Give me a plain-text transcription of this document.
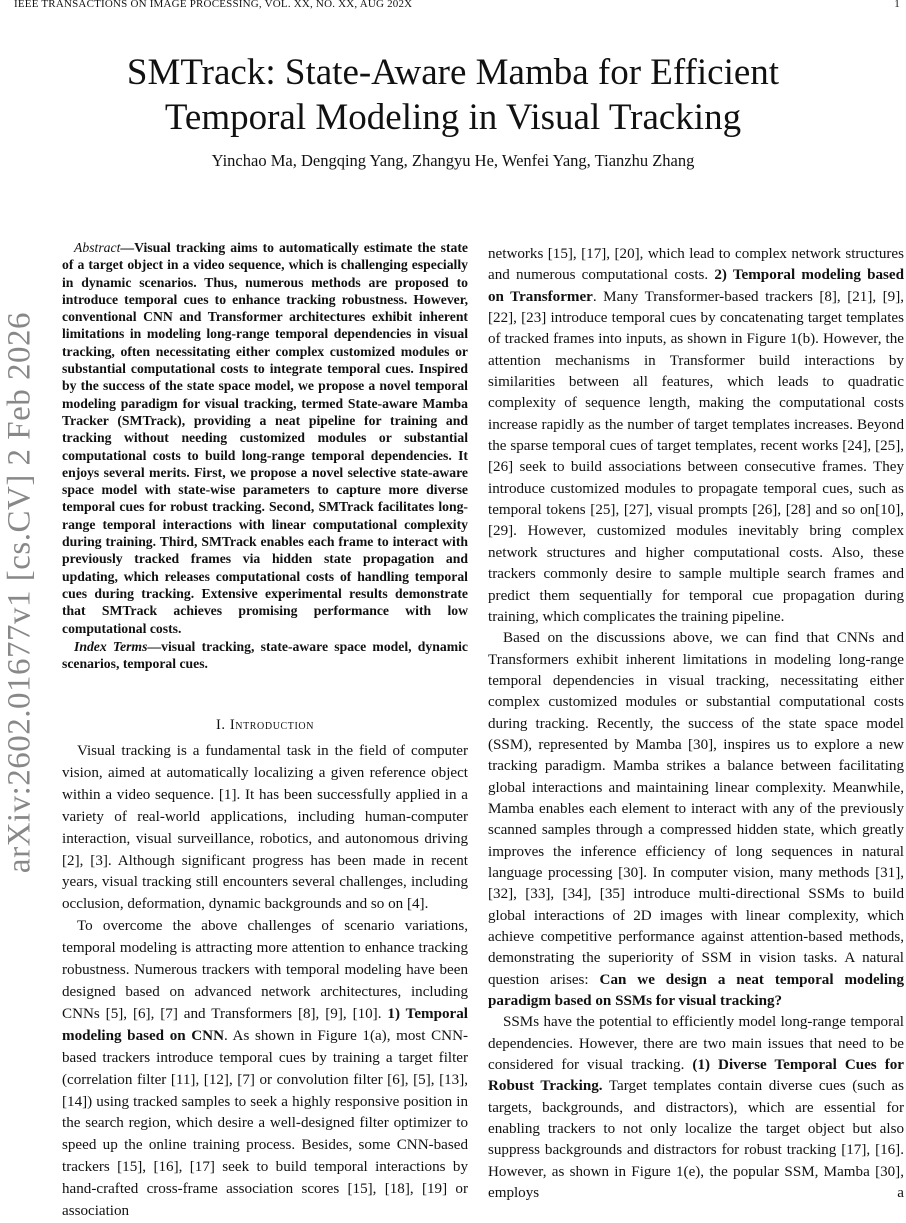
IEEE TRANSACTIONS ON IMAGE PROCESSING, VOL. XX, NO. XX, AUG 202X	1
SMTrack: State-Aware Mamba for Efficient
Temporal Modeling in Visual Tracking
Yinchao Ma, Dengqing Yang, Zhangyu He, Wenfei Yang, Tianzhu Zhang
arXiv:2602.01677v1 [cs.CV] 2 Feb 2026

Abstract—Visual tracking aims to automatically estimate the state of a target object in a video sequence, which is challenging especially in dynamic scenarios. Thus, numerous methods are proposed to introduce temporal cues to enhance tracking robustness. However, conventional CNN and Transformer architectures exhibit inherent limitations in modeling long-range temporal dependencies in visual tracking, often necessitating either complex customized modules or substantial computational costs to integrate temporal cues. Inspired by the success of the state space model, we propose a novel temporal modeling paradigm for visual tracking, termed State-aware Mamba Tracker (SMTrack), providing a neat pipeline for training and tracking without needing customized modules or substantial computational costs to build long-range temporal dependencies. It enjoys several merits. First, we propose a novel selective state-aware space model with state-wise parameters to capture more diverse temporal cues for robust tracking. Second, SMTrack facilitates long-range temporal interactions with linear computational complexity during training. Third, SMTrack enables each frame to interact with previously tracked frames via hidden state propagation and updating, which releases computational costs of handling temporal cues during tracking. Extensive experimental results demonstrate that SMTrack achieves promising performance with low computational costs.

Index Terms—visual tracking, state-aware space model, dynamic scenarios, temporal cues.

I. Introduction

Visual tracking is a fundamental task in the field of computer vision, aimed at automatically localizing a given reference object within a video sequence. [1]. It has been successfully applied in a variety of real-world applications, including human-computer interaction, visual surveillance, robotics, and autonomous driving [2], [3]. Although significant progress has been made in recent years, visual tracking still encounters several challenges, including occlusion, deformation, dynamic backgrounds and so on [4].

To overcome the above challenges of scenario variations, temporal modeling is attracting more attention to enhance tracking robustness. Numerous trackers with temporal modeling have been designed based on advanced network architectures, including CNNs [5], [6], [7] and Transformers [8], [9], [10]. 1) Temporal modeling based on CNN. As shown in Figure 1(a), most CNN-based trackers introduce temporal cues by training a target filter (correlation filter [11], [12], [7] or convolution filter [6], [5], [13], [14]) using tracked samples to seek a highly responsive position in the search region, which desire a well-designed filter optimizer to speed up the online training process. Besides, some CNN-based trackers [15], [16], [17] seek to build temporal interactions by hand-crafted cross-frame association scores [15], [18], [19] or association

networks [15], [17], [20], which lead to complex network structures and numerous computational costs. 2) Temporal modeling based on Transformer. Many Transformer-based trackers [8], [21], [9], [22], [23] introduce temporal cues by concatenating target templates of tracked frames into inputs, as shown in Figure 1(b). However, the attention mechanisms in Transformer build interactions by similarities between all features, which leads to quadratic complexity of sequence length, making the computational costs increase rapidly as the number of target templates increases. Beyond the sparse temporal cues of target templates, recent works [24], [25], [26] seek to build associations between consecutive frames. They introduce customized modules to propagate temporal cues, such as temporal tokens [25], [27], visual prompts [26], [28] and so on[10], [29]. However, customized modules inevitably bring complex network structures and higher computational costs. Also, these trackers commonly desire to sample multiple search frames and predict them sequentially for temporal cue propagation during training, which complicates the training pipeline.

Based on the discussions above, we can find that CNNs and Transformers exhibit inherent limitations in modeling long-range temporal dependencies in visual tracking, necessitating either complex customized modules or substantial computational costs during tracking. Recently, the success of the state space model (SSM), represented by Mamba [30], inspires us to explore a new tracking paradigm. Mamba strikes a balance between facilitating global interactions and maintaining linear complexity. Meanwhile, Mamba enables each element to interact with any of the previously scanned samples through a compressed hidden state, which greatly improves the inference efficiency of long sequences in natural language processing [30]. In computer vision, many methods [31], [32], [33], [34], [35] introduce multi-directional SSMs to build global interactions of 2D images with linear complexity, which achieve competitive performance against attention-based methods, demonstrating the superiority of SSM in vision tasks. A natural question arises: Can we design a neat temporal modeling paradigm based on SSMs for visual tracking?

SSMs have the potential to efficiently model long-range temporal dependencies. However, there are two main issues that need to be considered for visual tracking. (1) Diverse Temporal Cues for Robust Tracking. Target templates contain diverse cues (such as targets, backgrounds, and distractors), which are essential for enabling trackers to not only localize the target object but also suppress backgrounds and distractors for robust tracking [17], [16]. However, as shown in Figure 1(e), the popular SSM, Mamba [30], employs a
